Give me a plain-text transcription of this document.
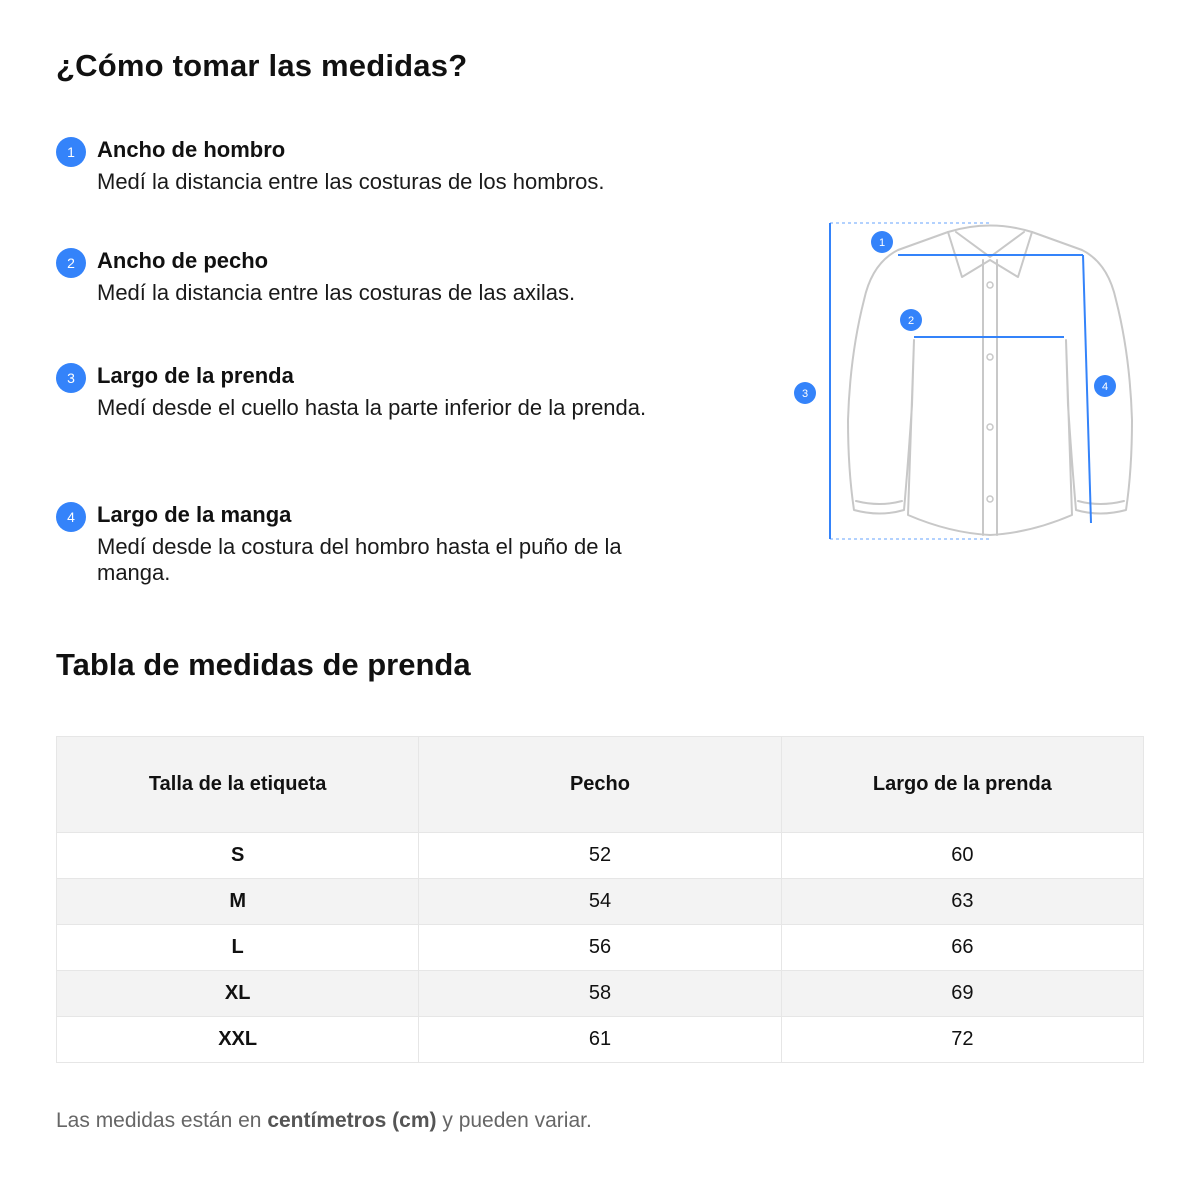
¿Cómo tomar las medidas?
1	Ancho de hombro
Medí la distancia entre las costuras de los hombros.
2	Ancho de pecho
Medí la distancia entre las costuras de las axilas.
3	Largo de la prenda
Medí desde el cuello hasta la parte inferior de la prenda.
4	Largo de la manga
Medí desde la costura del hombro hasta el puño de la manga.
1
2
3
4
Tabla de medidas de prenda
Talla de la etiqueta	Pecho	Largo de la prenda
S	52	60
M	54	63
L	56	66
XL	58	69
XXL	61	72
Las medidas están en centímetros (cm) y pueden variar.
